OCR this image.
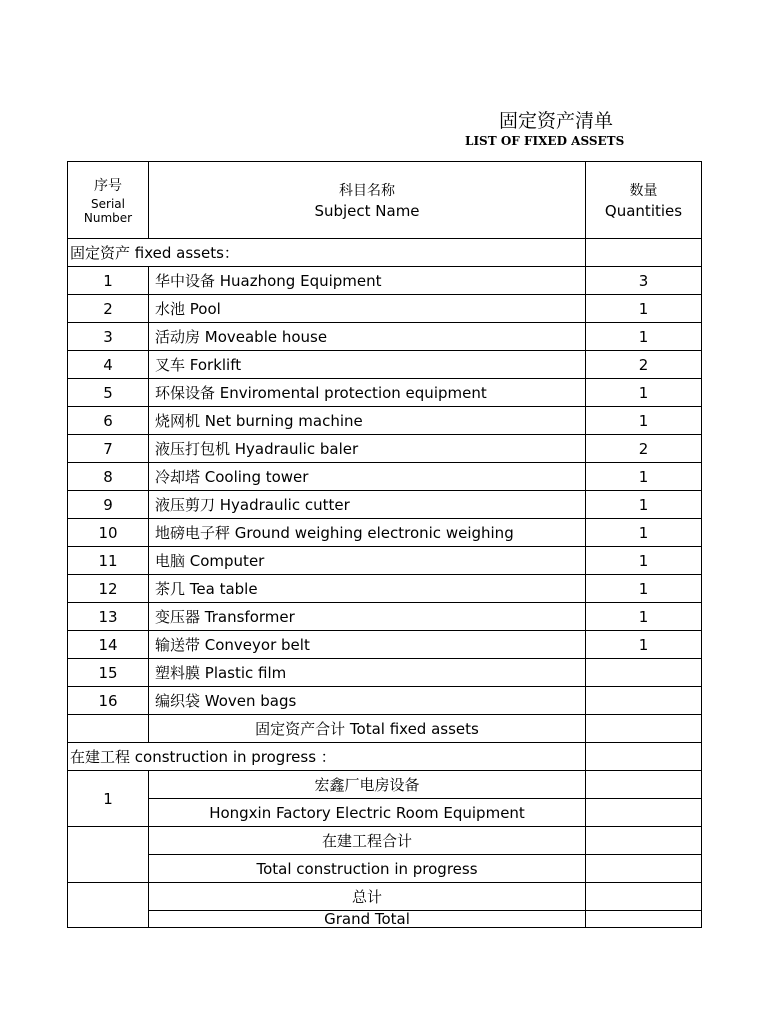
固定资产清单
LIST OF FIXED ASSETS
序号
Serial
Number	科目名称
Subject Name	数量
Quantities

固定资产 fixed assets：		
1	华中设备 Huazhong Equipment	3
2	水池 Pool	1
3	活动房 Moveable house	1
4	叉车 Forklift	2
5	环保设备 Enviromental protection equipment	1
6	烧网机 Net burning machine	1
7	液压打包机 Hyadraulic baler	2
8	冷却塔 Cooling tower	1
9	液压剪刀 Hyadraulic cutter	1
10	地磅电子秤 Ground weighing electronic weighing	1
11	电脑 Computer	1
12	茶几 Tea table	1
13	变压器 Transformer	1
14	输送带 Conveyor belt	1
15	塑料膜 Plastic film	
16	编织袋 Woven bags	
	固定资产合计 Total fixed assets	
在建工程 construction in progress ：		
1	宏鑫厂电房设备	
	Hongxin Factory Electric Room Equipment	
	在建工程合计	
	Total construction in progress	
	总计	
	Grand Total	
